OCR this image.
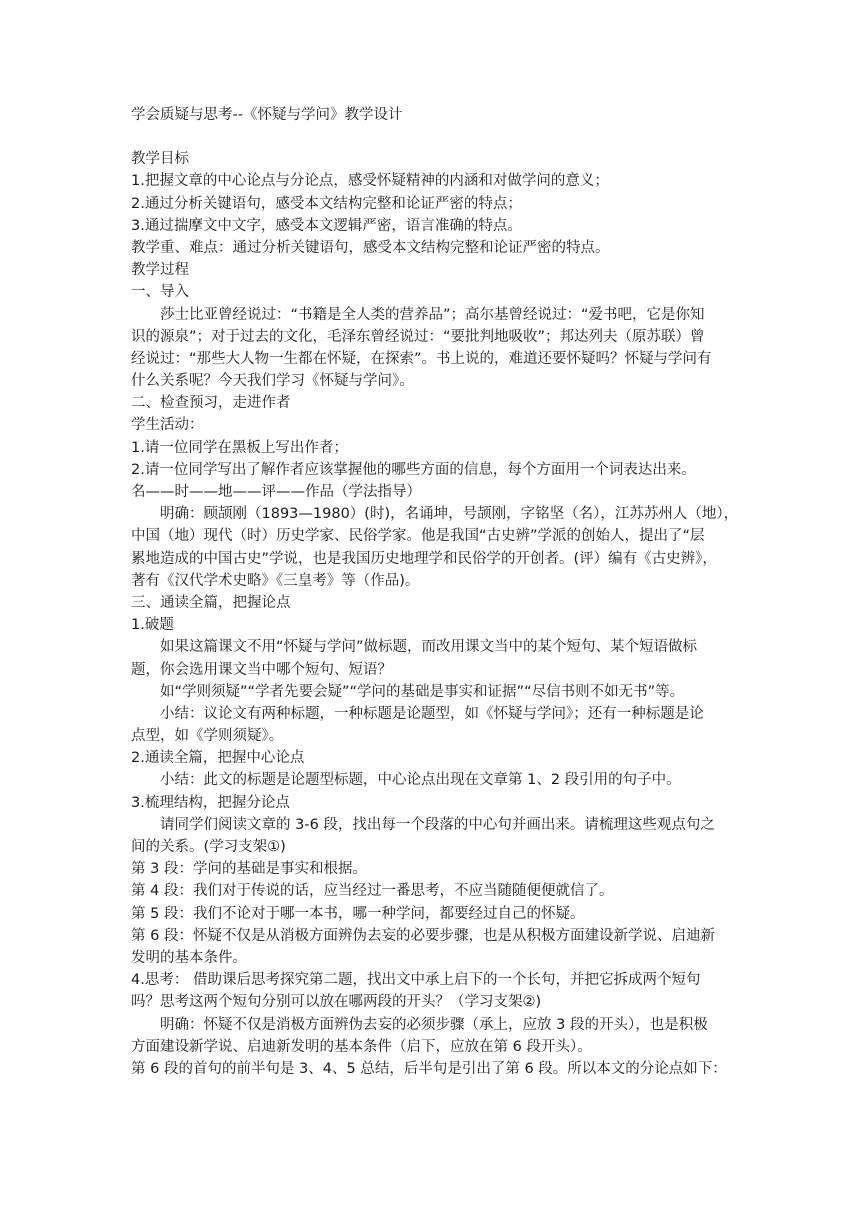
学会质疑与思考--《怀疑与学问》教学设计
教学目标
1.把握文章的中心论点与分论点，感受怀疑精神的内涵和对做学问的意义；
2.通过分析关键语句，感受本文结构完整和论证严密的特点；
3.通过揣摩文中文字，感受本文逻辑严密，语言准确的特点。
教学重、难点：通过分析关键语句，感受本文结构完整和论证严密的特点。
教学过程
一、导入
莎士比亚曾经说过：“书籍是全人类的营养品”；高尔基曾经说过：“爱书吧，它是你知
识的源泉”；对于过去的文化，毛泽东曾经说过：“要批判地吸收”；邦达列夫（原苏联）曾
经说过：“那些大人物一生都在怀疑，在探索”。书上说的，难道还要怀疑吗？怀疑与学问有
什么关系呢？今天我们学习《怀疑与学问》。
二、检查预习，走进作者
学生活动：
1.请一位同学在黑板上写出作者；
2.请一位同学写出了解作者应该掌握他的哪些方面的信息，每个方面用一个词表达出来。
名——时——地——评——作品（学法指导）
明确：顾颉刚（1893—1980）(时)，名诵坤，号颉刚，字铭坚（名），江苏苏州人（地），
中国（地）现代（时）历史学家、民俗学家。他是我国“古史辨”学派的创始人，提出了“层
累地造成的中国古史”学说，也是我国历史地理学和民俗学的开创者。(评）编有《古史辨》，
著有《汉代学术史略》《三皇考》等（作品)。
三、通读全篇，把握论点
1.破题
如果这篇课文不用“怀疑与学问”做标题，而改用课文当中的某个短句、某个短语做标
题，你会选用课文当中哪个短句、短语？
如“学则须疑”“学者先要会疑”“学问的基础是事实和证据”“尽信书则不如无书”等。
小结：议论文有两种标题，一种标题是论题型，如《怀疑与学问》；还有一种标题是论
点型，如《学则须疑》。
2.通读全篇，把握中心论点
小结：此文的标题是论题型标题，中心论点出现在文章第 1、2 段引用的句子中。
3.梳理结构，把握分论点
请同学们阅读文章的 3-6 段，找出每一个段落的中心句并画出来。请梳理这些观点句之
间的关系。(学习支架①)
第 3 段：学问的基础是事实和根据。
第 4 段：我们对于传说的话，应当经过一番思考，不应当随随便便就信了。
第 5 段：我们不论对于哪一本书，哪一种学问，都要经过自己的怀疑。
第 6 段：怀疑不仅是从消极方面辨伪去妄的必要步骤，也是从积极方面建设新学说、启迪新
发明的基本条件。
4.思考： 借助课后思考探究第二题，找出文中承上启下的一个长句，并把它拆成两个短句
吗？思考这两个短句分别可以放在哪两段的开头？（学习支架②)
明确：怀疑不仅是消极方面辨伪去妄的必须步骤（承上，应放 3 段的开头），也是积极
方面建设新学说、启迪新发明的基本条件（启下，应放在第 6 段开头）。
第 6 段的首句的前半句是 3、4、5 总结，后半句是引出了第 6 段。所以本文的分论点如下：
